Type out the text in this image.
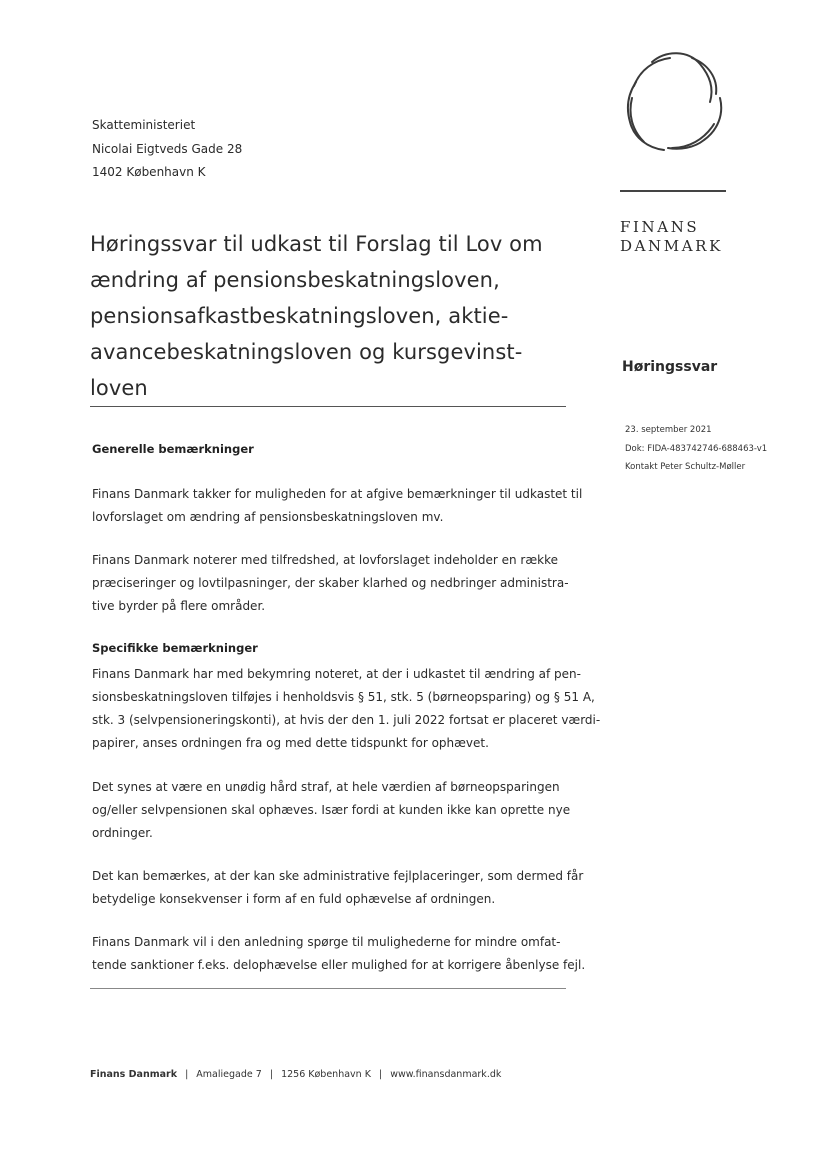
Skatteministeriet
Nicolai Eigtveds Gade 28
1402 København K
FINANS
DANMARK
Høringssvar til udkast til Forslag til Lov om ændring af pensionsbeskatningsloven, pensionsafkastbeskatningsloven, aktie-avancebeskatningsloven og kursgevinst-loven
Høringssvar
23. september 2021
Dok: FIDA-483742746-688463-v1
Kontakt Peter Schultz-Møller
Generelle bemærkninger

Finans Danmark takker for muligheden for at afgive bemærkninger til udkastet til
lovforslaget om ændring af pensionsbeskatningsloven mv.

Finans Danmark noterer med tilfredshed, at lovforslaget indeholder en række
præciseringer og lovtilpasninger, der skaber klarhed og nedbringer administra-
tive byrder på flere områder.

Specifikke bemærkninger

Finans Danmark har med bekymring noteret, at der i udkastet til ændring af pen-
sionsbeskatningsloven tilføjes i henholdsvis § 51, stk. 5 (børneopsparing) og § 51 A,
stk. 3 (selvpensioneringskonti), at hvis der den 1. juli 2022 fortsat er placeret værdi-
papirer, anses ordningen fra og med dette tidspunkt for ophævet.

Det synes at være en unødig hård straf, at hele værdien af børneopsparingen
og/eller selvpensionen skal ophæves. Især fordi at kunden ikke kan oprette nye
ordninger.

Det kan bemærkes, at der kan ske administrative fejlplaceringer, som dermed får
betydelige konsekvenser i form af en fuld ophævelse af ordningen.

Finans Danmark vil i den anledning spørge til mulighederne for mindre omfat-
tende sanktioner f.eks. delophævelse eller mulighed for at korrigere åbenlyse fejl.

Finans Danmark | Amaliegade 7 | 1256 København K | www.finansdanmark.dk
